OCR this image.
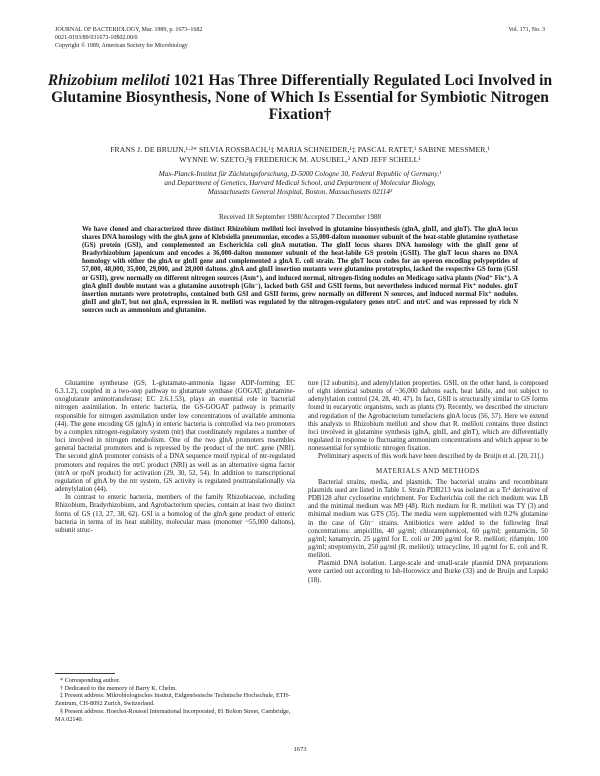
JOURNAL OF BACTERIOLOGY, Mar. 1989, p. 1673–1682
0021-9193/89/031673-10$02.00/0
Copyright © 1989, American Society for Microbiology
Vol. 171, No. 3
Rhizobium meliloti 1021 Has Three Differentially Regulated Loci Involved in Glutamine Biosynthesis, None of Which Is Essential for Symbiotic Nitrogen Fixation†
FRANS J. DE BRUIJN,¹·²* SILVIA ROSSBACH,¹‡ MARIA SCHNEIDER,¹‡ PASCAL RATET,¹ SABINE MESSMER,¹
WYNNE W. SZETO,²§ FREDERICK M. AUSUBEL,² AND JEFF SCHELL¹
Max-Planck-Institut für Züchtungsforschung, D-5000 Cologne 30, Federal Republic of Germany,¹
and Department of Genetics, Harvard Medical School, and Department of Molecular Biology,
Massachusetts General Hospital, Boston, Massachusetts 02114²
Received 18 September 1988/Accepted 7 December 1988
We have cloned and characterized three distinct Rhizobium meliloti loci involved in glutamine biosynthesis (glnA, glnII, and glnT). The glnA locus shares DNA homology with the glnA gene of Klebsiella pneumoniae, encodes a 55,000-dalton monomer subunit of the heat-stable glutamine synthetase (GS) protein (GSI), and complemented an Escherichia coli glnA mutation. The glnII locus shares DNA homology with the glnII gene of Bradyrhizobium japonicum and encodes a 36,000-dalton monomer subunit of the heat-labile GS protein (GSII). The glnT locus shares no DNA homology with either the glnA or glnII gene and complemented a glnA E. coli strain. The glnT locus codes for an operon encoding polypeptides of 57,000, 48,000, 35,000, 29,000, and 28,000 daltons. glnA and glnII insertion mutants were glutamine prototrophs, lacked the respective GS form (GSI or GSII), grew normally on different nitrogen sources (Asm⁺), and induced normal, nitrogen-fixing nodules on Medicago sativa plants (Nod⁺ Fix⁺). A glnA glnII double mutant was a glutamine auxotroph (Gln⁻), lacked both GSI and GSII forms, but nevertheless induced normal Fix⁺ nodules. glnT insertion mutants were prototrophs, contained both GSI and GSII forms, grew normally on different N sources, and induced normal Fix⁺ nodules. glnII and glnT, but not glnA, expression in R. meliloti was regulated by the nitrogen-regulatory genes ntrC and ntrC and was repressed by rich N sources such as ammonium and glutamine.

Glutamine synthetase (GS; L-glutamate-ammonia ligase ADP-forming; EC 6.3.1.2), coupled in a two-step pathway to glutamate synthase (GOGAT; glutamine-oxoglutarate aminotransferase; EC 2.6.1.53), plays an essential role in bacterial nitrogen assimilation. In enteric bacteria, the GS-GOGAT pathway is primarily responsible for nitrogen assimilation under low concentrations of available ammonia (44). The gene encoding GS (glnA) in enteric bacteria is controlled via two promoters by a complex nitrogen-regulatory system (ntr) that coordinately regulates a number of loci involved in nitrogen metabolism. One of the two glnA promoters resembles general bacterial promoters and is repressed by the product of the ntrC gene (NRI). The second glnA promoter consists of a DNA sequence motif typical of ntr-regulated promoters and requires the ntrC product (NRI) as well as an alternative sigma factor (ntrA or rpoN product) for activation (29, 30, 52, 54). In addition to transcriptional regulation of glnA by the ntr system, GS activity is regulated posttranslationally via adenylylation (44).

In contrast to enteric bacteria, members of the family Rhizobiaceae, including Rhizobium, Bradyrhizobium, and Agrobacterium species, contain at least two distinct forms of GS (13, 27, 38, 62). GSI is a homolog of the glnA gene product of enteric bacteria in terms of its heat stability, molecular mass (monomer ~55,000 daltons), subunit struc-

ture (12 subunits), and adenylylation properties. GSII, on the other hand, is composed of eight identical subunits of ~36,000 daltons each, heat labile, and not subject to adenylylation control (24, 28, 40, 47). In fact, GSII is structurally similar to GS forms found in eucaryotic organisms, such as plants (9). Recently, we described the structure and regulation of the Agrobacterium tumefaciens glnA locus (56, 57). Here we extend this analysis to Rhizobium meliloti and show that R. meliloti contains three distinct loci involved in glutamine synthesis (glnA, glnII, and glnT), which are differentially regulated in response to fluctuating ammonium concentrations and which appear to be nonessential for symbiotic nitrogen fixation.

Preliminary aspects of this work have been described by de Bruijn et al. [20, 21].)

MATERIALS AND METHODS

Bacterial strains, media, and plasmids. The bacterial strains and recombinant plasmids used are listed in Table 1. Strain PDB213 was isolated as a Tc¹ derivative of PDB128 after cycloserine enrichment. For Escherichia coli the rich medium was LB and the minimal medium was M9 (48). Rich medium for R. meliloti was TY (3) and minimal medium was GTS (35). The media were supplemented with 0.2% glutamine in the case of Gln⁻ strains. Antibiotics were added to the following final concentrations: ampicillin, 40 μg/ml; chloramphenicol, 60 μg/ml; gentamicin, 50 μg/ml; kanamycin, 25 μg/ml for E. coli or 200 μg/ml for R. meliloti; rifampin, 100 μg/ml; streptomycin, 250 μg/ml (R. meliloti); tetracycline, 10 μg/ml for E. coli and R. meliloti.

Plasmid DNA isolation. Large-scale and small-scale plasmid DNA preparations were carried out according to Ish-Horowicz and Burke (33) and de Bruijn and Lupski (18).

* Corresponding author.
† Dedicated to the memory of Barry K. Chelm.
‡ Present address: Mikrobiologisches Institut, Eidgenössische Technische Hochschule, ETH-Zentrum, CH-8092 Zurich, Switzerland.
§ Present address: Hoechst-Roussel International Incorporated, 81 Bolton Street, Cambridge, MA 02140.
1673
